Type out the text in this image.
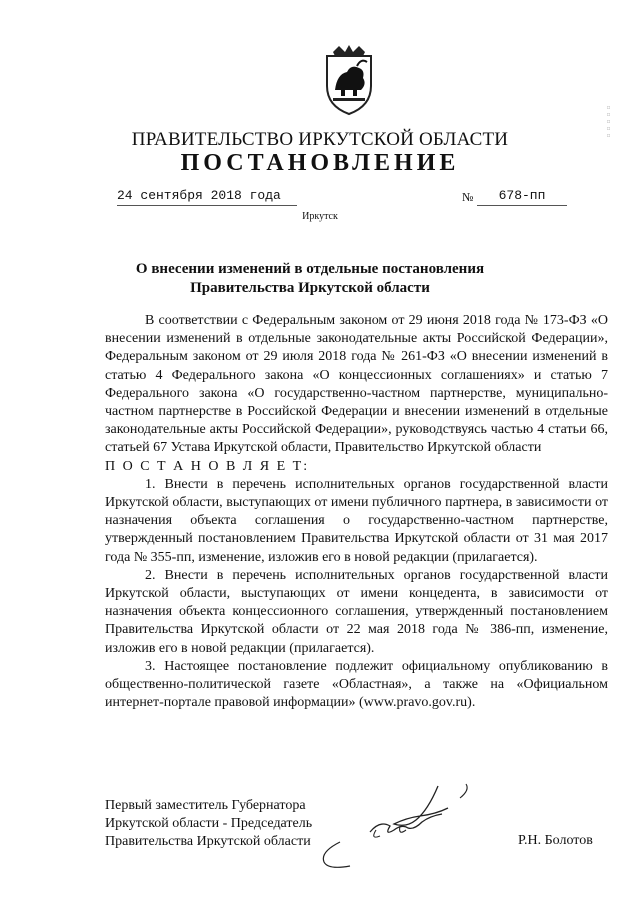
▫▫▫▫▫
ПРАВИТЕЛЬСТВО ИРКУТСКОЙ ОБЛАСТИ
ПОСТАНОВЛЕНИЕ
24 сентября 2018 года	№	678-пп
Иркутск
О внесении изменений в отдельные постановления Правительства Иркутской области

В соответствии с Федеральным законом от 29 июня 2018 года № 173-ФЗ «О внесении изменений в отдельные законодательные акты Российской Федерации», Федеральным законом от 29 июля 2018 года № 261-ФЗ «О внесении изменений в статью 4 Федерального закона «О концессионных соглашениях» и статью 7 Федерального закона «О государственно-частном партнерстве, муниципально-частном партнерстве в Российской Федерации и внесении изменений в отдельные законодательные акты Российской Федерации», руководствуясь частью 4 статьи 66, статьей 67 Устава Иркутской области, Правительство Иркутской области

П О С Т А Н О В Л Я Е Т:

1. Внести в перечень исполнительных органов государственной власти Иркутской области, выступающих от имени публичного партнера, в зависимости от назначения объекта соглашения о государственно-частном партнерстве, утвержденный постановлением Правительства Иркутской области от 31 мая 2017 года № 355-пп, изменение, изложив его в новой редакции (прилагается).

2. Внести в перечень исполнительных органов государственной власти Иркутской области, выступающих от имени концедента, в зависимости от назначения объекта концессионного соглашения, утвержденный постановлением Правительства Иркутской области от 22 мая 2018 года № 386-пп, изменение, изложив его в новой редакции (прилагается).

3. Настоящее постановление подлежит официальному опубликованию в общественно-политической газете «Областная», а также на «Официальном интернет-портале правовой информации» (www.pravo.gov.ru).

Первый заместитель Губернатора
Иркутской области - Председатель
Правительства Иркутской области	Р.Н. Болотов
